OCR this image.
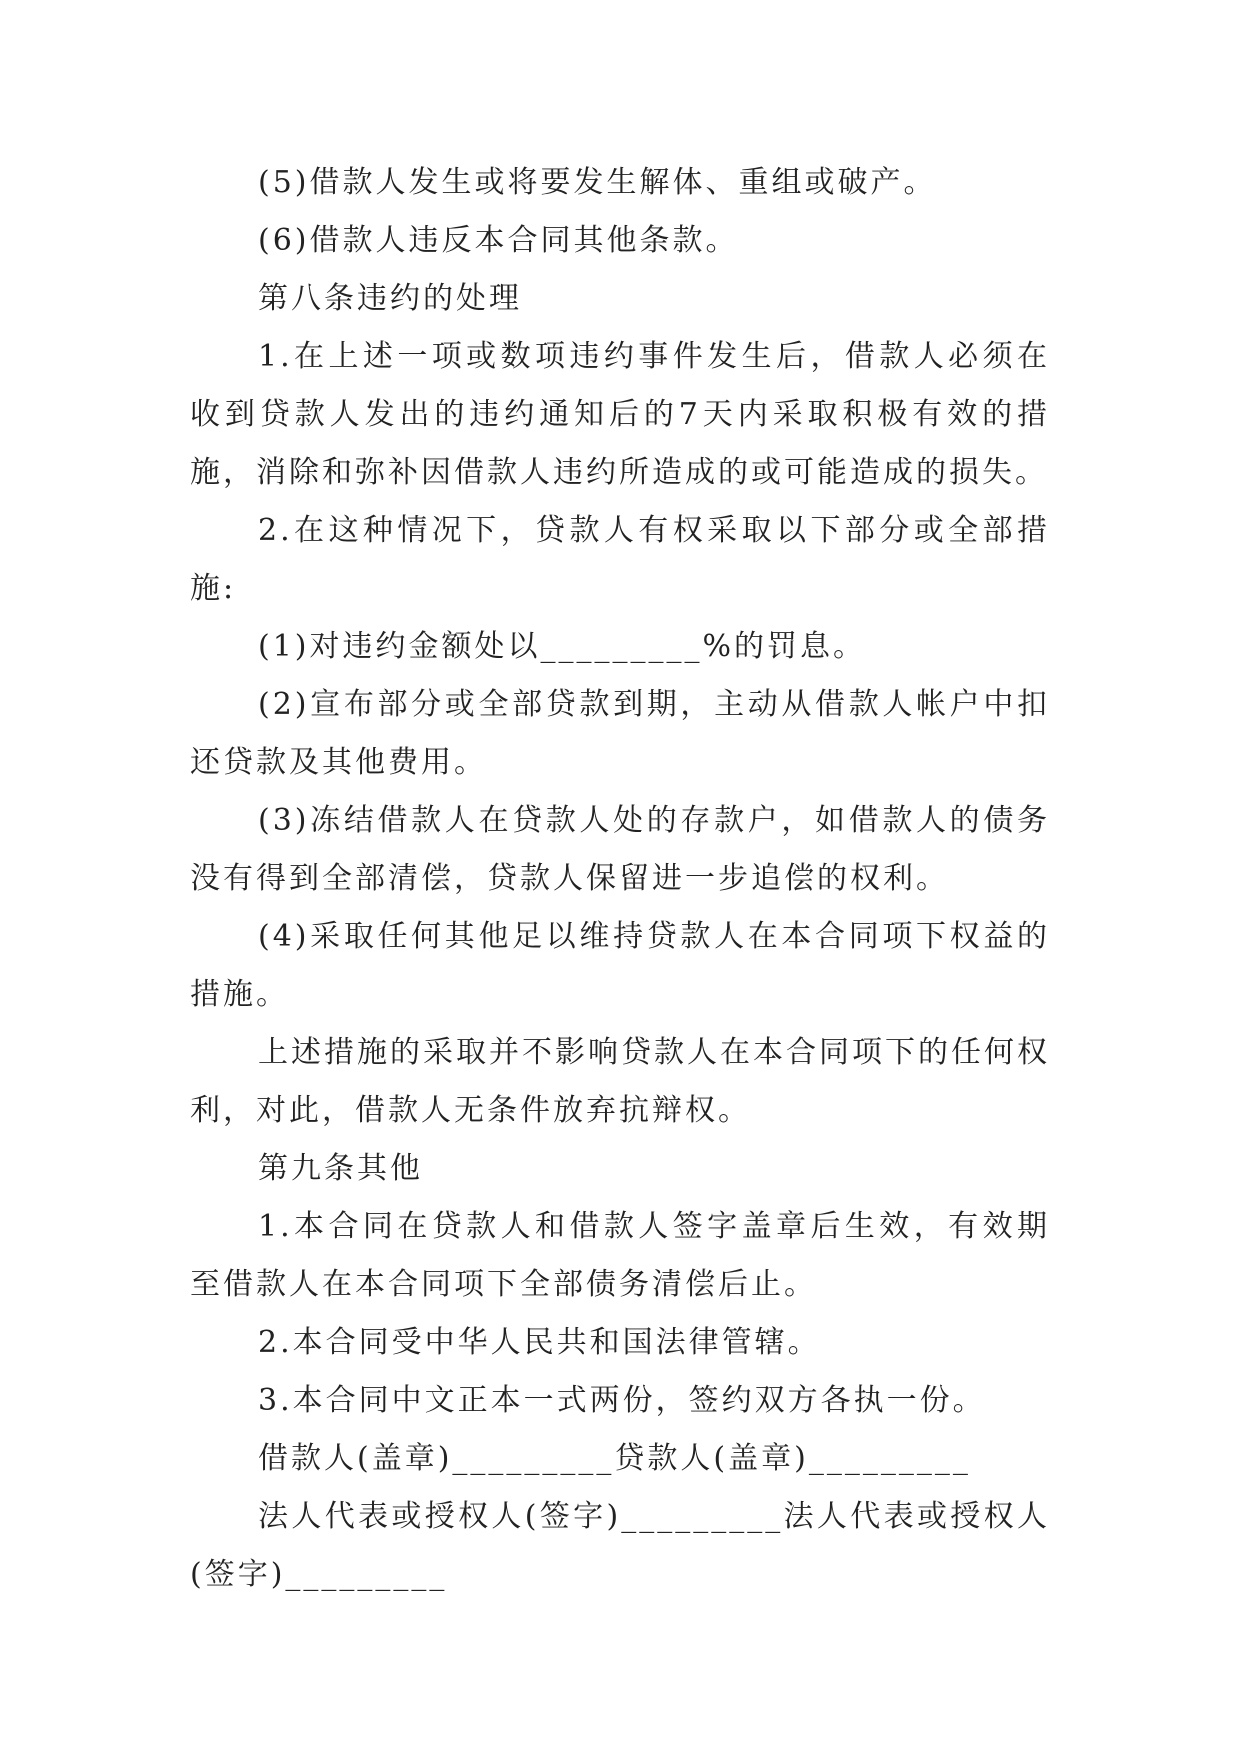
(5)借款人发生或将要发生解体、重组或破产。

(6)借款人违反本合同其他条款。

第八条违约的处理

1.在上述一项或数项违约事件发生后，借款人必须在收到贷款人发出的违约通知后的7天内采取积极有效的措施，消除和弥补因借款人违约所造成的或可能造成的损失。

2.在这种情况下，贷款人有权采取以下部分或全部措施:

(1)对违约金额处以_________%的罚息。

(2)宣布部分或全部贷款到期，主动从借款人帐户中扣还贷款及其他费用。

(3)冻结借款人在贷款人处的存款户，如借款人的债务没有得到全部清偿，贷款人保留进一步追偿的权利。

(4)采取任何其他足以维持贷款人在本合同项下权益的措施。

上述措施的采取并不影响贷款人在本合同项下的任何权利，对此，借款人无条件放弃抗辩权。

第九条其他

1.本合同在贷款人和借款人签字盖章后生效，有效期至借款人在本合同项下全部债务清偿后止。

2.本合同受中华人民共和国法律管辖。

3.本合同中文正本一式两份，签约双方各执一份。

借款人(盖章)_________贷款人(盖章)_________

法人代表或授权人(签字)_________法人代表或授权人(签字)_________
